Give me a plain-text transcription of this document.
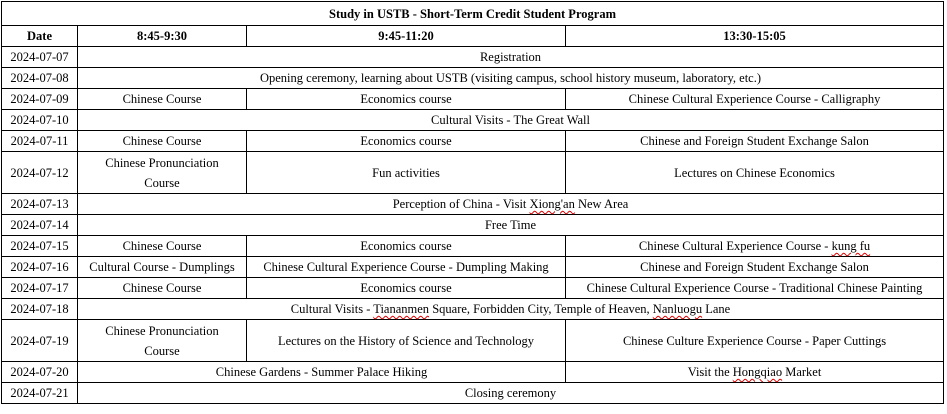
Study in USTB - Short-Term Credit Student Program			
Date	8:45-9:30	9:45-11:20	13:30-15:05
2024-07-07	Registration		
2024-07-08	Opening ceremony, learning about USTB (visiting campus, school history museum, laboratory, etc.)		
2024-07-09	Chinese Course	Economics course	Chinese Cultural Experience Course - Calligraphy
2024-07-10	Cultural Visits - The Great Wall		
2024-07-11	Chinese Course	Economics course	Chinese and Foreign Student Exchange Salon
2024-07-12	Chinese Pronunciation Course	Fun activities	Lectures on Chinese Economics
2024-07-13	Perception of China - Visit Xiong'an New Area		
2024-07-14	Free Time		
2024-07-15	Chinese Course	Economics course	Chinese Cultural Experience Course - kung fu
2024-07-16	Cultural Course - Dumplings	Chinese Cultural Experience Course - Dumpling Making	Chinese and Foreign Student Exchange Salon
2024-07-17	Chinese Course	Economics course	Chinese Cultural Experience Course - Traditional Chinese Painting
2024-07-18	Cultural Visits - Tiananmen Square, Forbidden City, Temple of Heaven, Nanluogu Lane		
2024-07-19	Chinese Pronunciation Course	Lectures on the History of Science and Technology	Chinese Culture Experience Course - Paper Cuttings
2024-07-20	Chinese Gardens - Summer Palace Hiking		Visit the Hongqiao Market
2024-07-21	Closing ceremony		
